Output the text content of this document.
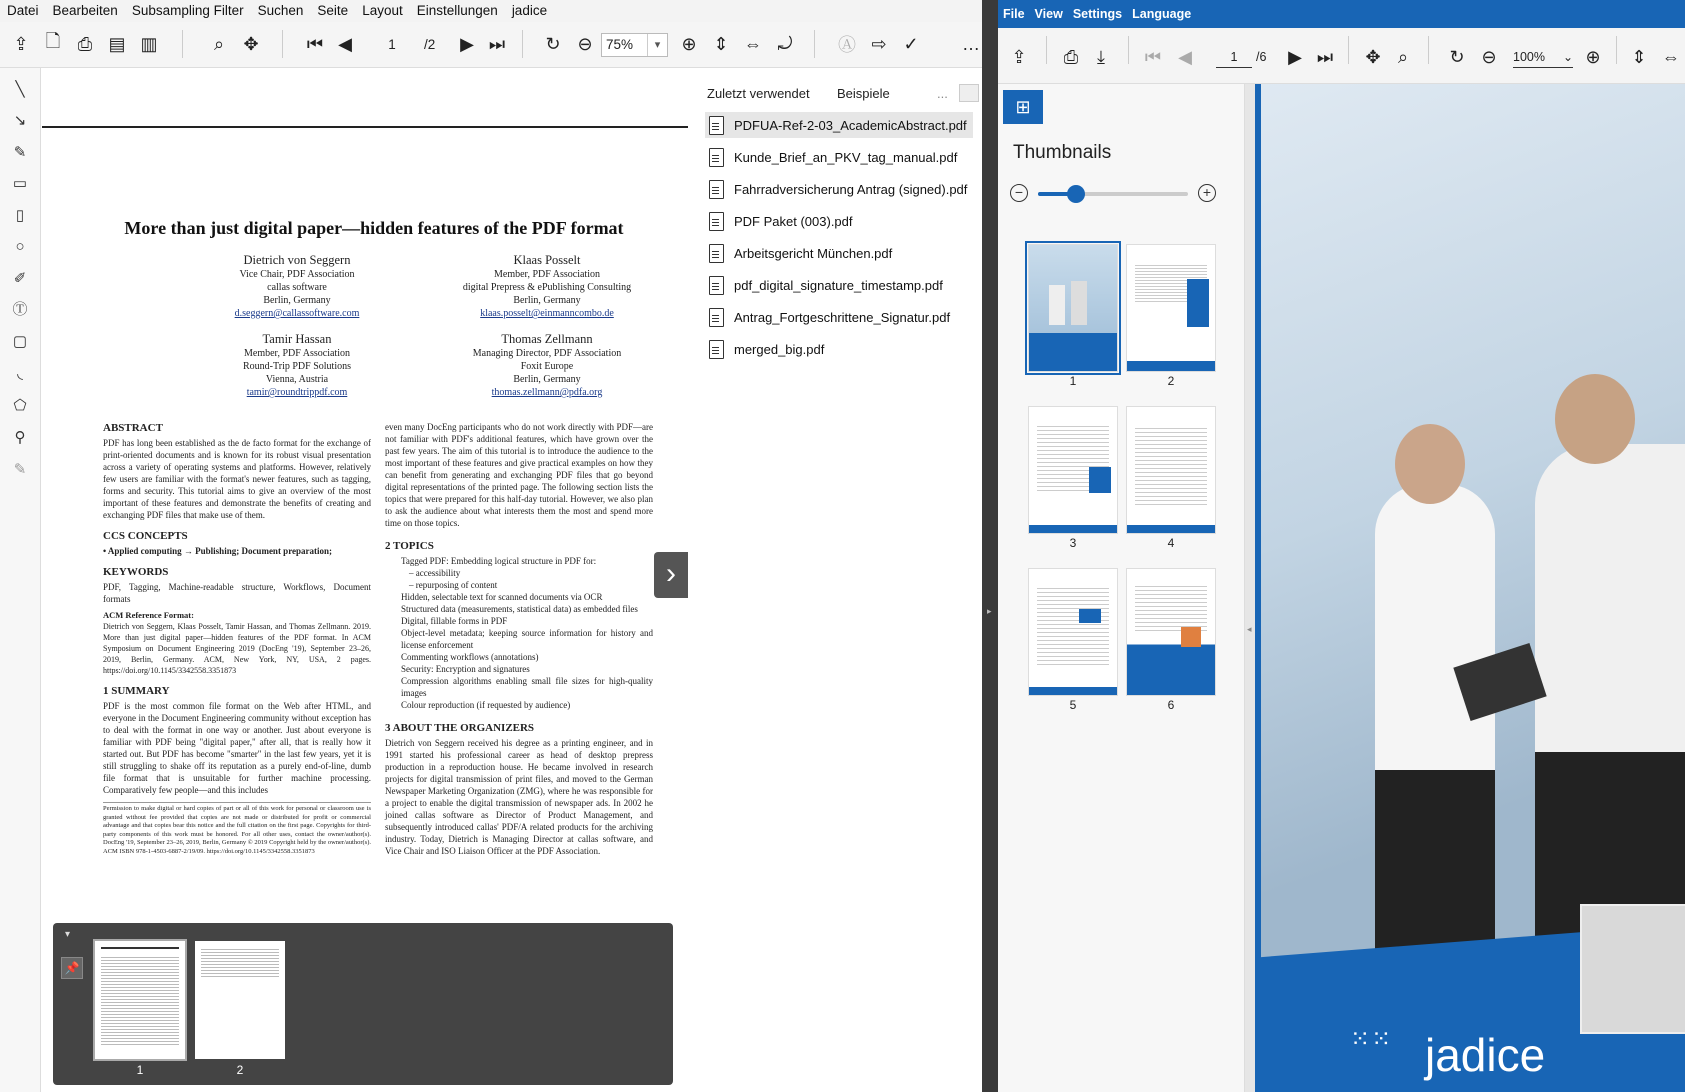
Datei	Bearbeiten	Subsampling Filter	Suchen	Seite	Layout	Einstellungen	jadice
⇪ 🗋 ⎙ ▤ ▥	⌕	✥	⏮ ◀	1	/2	▶ ⏭	↻ ⊖ 75%	▾	⊕ ⇕ ⇔ ⤾	Ⓐ ⇨ ✓	…
╲
↘
✎
▭
▯
○
✐
Ⓣ
▢
◟
⬠
⚲
✎
More than just digital paper—hidden features of the PDF format
Dietrich von Seggern
Vice Chair, PDF Association
callas software
Berlin, Germany
d.seggern@callassoftware.com
Klaas Posselt
Member, PDF Association
digital Prepress & ePublishing Consulting
Berlin, Germany
klaas.posselt@einmanncombo.de
Tamir Hassan
Member, PDF Association
Round-Trip PDF Solutions
Vienna, Austria
tamir@roundtrippdf.com
Thomas Zellmann
Managing Director, PDF Association
Foxit Europe
Berlin, Germany
thomas.zellmann@pdfa.org
ABSTRACT

PDF has long been established as the de facto format for the exchange of print-oriented documents and is known for its robust visual presentation across a variety of operating systems and platforms. However, relatively few users are familiar with the format's newer features, such as tagging, forms and security. This tutorial aims to give an overview of the most important of these features and demonstrate the benefits of creating and exchanging PDF files that make use of them.

CCS CONCEPTS

• Applied computing → Publishing; Document preparation;

KEYWORDS

PDF, Tagging, Machine-readable structure, Workflows, Document formats

ACM Reference Format:

Dietrich von Seggern, Klaas Posselt, Tamir Hassan, and Thomas Zellmann. 2019. More than just digital paper—hidden features of the PDF format. In ACM Symposium on Document Engineering 2019 (DocEng '19), September 23–26, 2019, Berlin, Germany. ACM, New York, NY, USA, 2 pages. https://doi.org/10.1145/3342558.3351873

1 SUMMARY

PDF is the most common file format on the Web after HTML, and everyone in the Document Engineering community without exception has to deal with the format in one way or another. Just about everyone is familiar with PDF being "digital paper," after all, that is really how it started out. But PDF has become "smarter" in the last few years, yet it is still struggling to shake off its reputation as a purely end-of-line, dumb file format that is unsuitable for further machine processing. Comparatively few people—and this includes

Permission to make digital or hard copies of part or all of this work for personal or classroom use is granted without fee provided that copies are not made or distributed for profit or commercial advantage and that copies bear this notice and the full citation on the first page. Copyrights for third-party components of this work must be honored. For all other uses, contact the owner/author(s). DocEng '19, September 23–26, 2019, Berlin, Germany © 2019 Copyright held by the owner/author(s). ACM ISBN 978-1-4503-6887-2/19/09. https://doi.org/10.1145/3342558.3351873

even many DocEng participants who do not work directly with PDF—are not familiar with PDF's additional features, which have grown over the past few years. The aim of this tutorial is to introduce the audience to the most important of these features and give practical examples on how they can benefit from generating and exchanging PDF files that go beyond digital representations of the printed page. The following section lists the topics that were prepared for this half-day tutorial. However, we also plan to ask the audience about what interests them the most and spend more time on those topics.

2 TOPICS
Tagged PDF: Embedding logical structure in PDF for:
– accessibility
– repurposing of content
Hidden, selectable text for scanned documents via OCR
Structured data (measurements, statistical data) as embedded files
Digital, fillable forms in PDF
Object-level metadata; keeping source information for history and license enforcement
Commenting workflows (annotations)
Security: Encryption and signatures
Compression algorithms enabling small file sizes for high-quality images
Colour reproduction (if requested by audience)
3 ABOUT THE ORGANIZERS

Dietrich von Seggern received his degree as a printing engineer, and in 1991 started his professional career as head of desktop prepress production in a reproduction house. He became involved in research projects for digital transmission of print files, and moved to the German Newspaper Marketing Organization (ZMG), where he was responsible for a project to enable the digital transmission of newspaper ads. In 2002 he joined callas software as Director of Product Management, and subsequently introduced callas' PDF/A related products for the archiving industry. Today, Dietrich is Managing Director at callas software, and Vice Chair and ISO Liaison Officer at the PDF Association.

›
▾
📌
1	2
Zuletzt verwendet Beispiele	...
PDFUA-Ref-2-03_AcademicAbstract.pdf
Kunde_Brief_an_PKV_tag_manual.pdf
Fahrradversicherung Antrag (signed).pdf
PDF Paket (003).pdf
Arbeitsgericht München.pdf
pdf_digital_signature_timestamp.pdf
Antrag_Fortgeschrittene_Signatur.pdf
merged_big.pdf
▸
File View Settings Language
⇪	⎙	⤓	⏮ ◀	1	/6	▶ ⏭	✥ ⌕	↻ ⊖	100% ⌄ ⊕	⇕ ⇔
⊞
Thumbnails
−	+
1	2
3	4
5	6
◂
⁙⁙ jadice
